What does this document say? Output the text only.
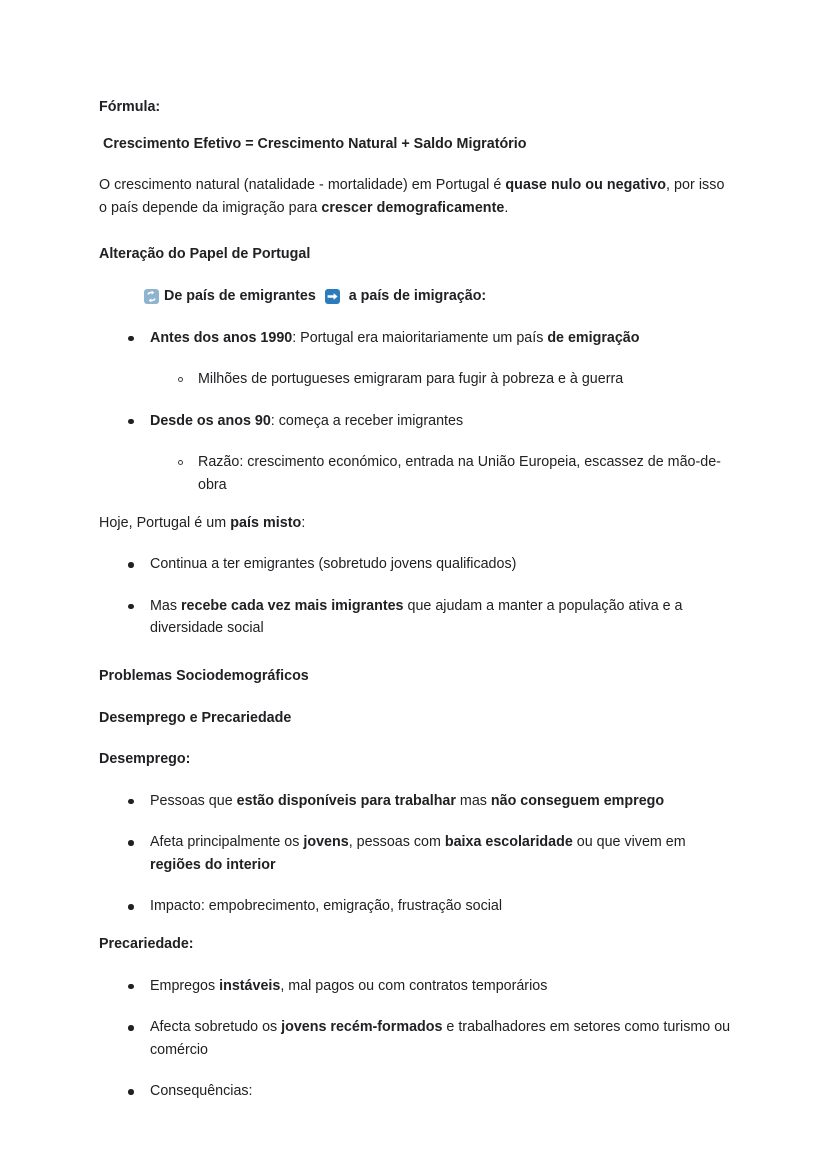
Fórmula:
Crescimento Efetivo = Crescimento Natural + Saldo Migratório

O crescimento natural (natalidade - mortalidade) em Portugal é quase nulo ou negativo, por isso o país depende da imigração para crescer demograficamente.

Alteração do Papel de Portugal
De país de emigrantes a país de imigração:
Antes dos anos 1990: Portugal era maioritariamente um país de emigração
Milhões de portugueses emigraram para fugir à pobreza e à guerra
Desde os anos 90: começa a receber imigrantes
Razão: crescimento económico, entrada na União Europeia, escassez de mão-de-obra

Hoje, Portugal é um país misto:

Continua a ter emigrantes (sobretudo jovens qualificados)
Mas recebe cada vez mais imigrantes que ajudam a manter a população ativa e a diversidade social
Problemas Sociodemográficos
Desemprego e Precariedade
Desemprego:
Pessoas que estão disponíveis para trabalhar mas não conseguem emprego
Afeta principalmente os jovens, pessoas com baixa escolaridade ou que vivem em regiões do interior
Impacto: empobrecimento, emigração, frustração social
Precariedade:
Empregos instáveis, mal pagos ou com contratos temporários
Afecta sobretudo os jovens recém-formados e trabalhadores em setores como turismo ou comércio
Consequências:
